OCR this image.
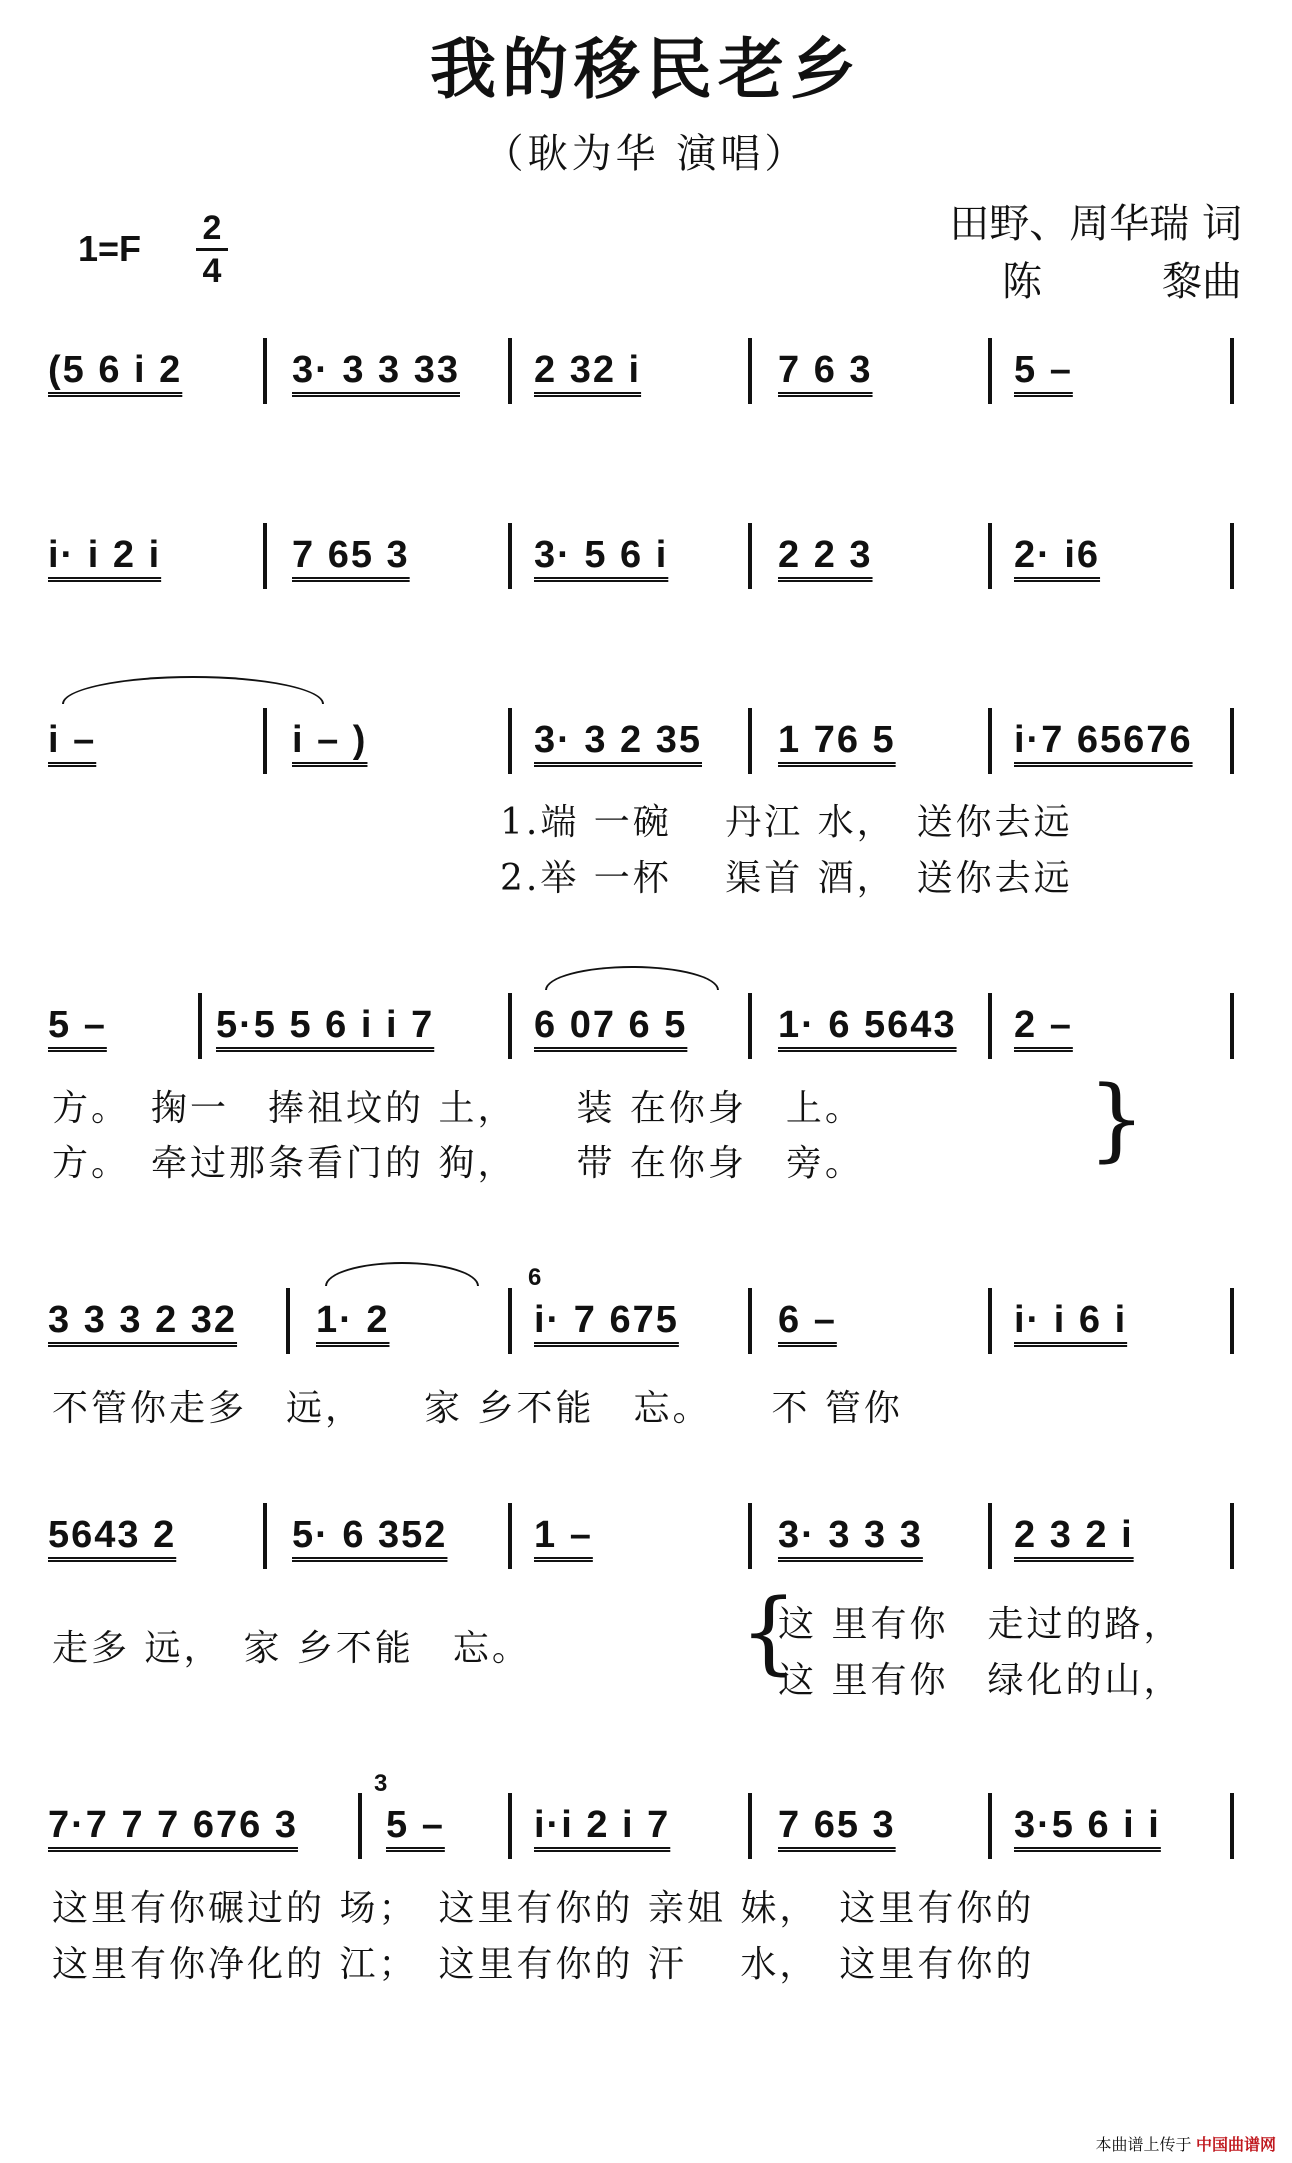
我的移民老乡
（耿为华 演唱）
1=F 2
4
田野、周华瑞 词
陈　　　黎曲
(5 6 i 2	3· 3 3 33 2 32 i	7 6 3	5 –
i· i 2 i	7 65 3	3· 5 6 i	2 2 3	2· i6
i –	i – )	3· 3 2 35 1 76 5	i·7 65676
1.端 一碗　 丹江 水，　送你去远
2.举 一杯　 渠首 酒，　送你去远
5 –	5·5 5 6 i i 7	6 07 6 5 1· 6 5643 2 –
方。　掬一　捧祖坟的 土，　　装 在你身　上。
方。　牵过那条看门的 狗，　　带 在你身　旁。 }
6
3 3 3 2 32 1· 2	i· 7 675	6 –	i· i 6 i
不管你走多　远，　　家 乡不能　忘。　　不 管你
5643 2	5· 6 352 1 –	3· 3 3 3 2 3 2 i
走多 远，　家 乡不能　忘。 {
这 里有你　走过的路，
这 里有你　绿化的山，
3
7·7 7 7 676 3 5 – i·i 2 i 7	7 65 3	3·5 6 i i
这里有你碾过的 场；　这里有你的 亲姐 妹，　这里有你的
这里有你净化的 江；　这里有你的 汗　 水，　这里有你的
本曲谱上传于 中国曲谱网
